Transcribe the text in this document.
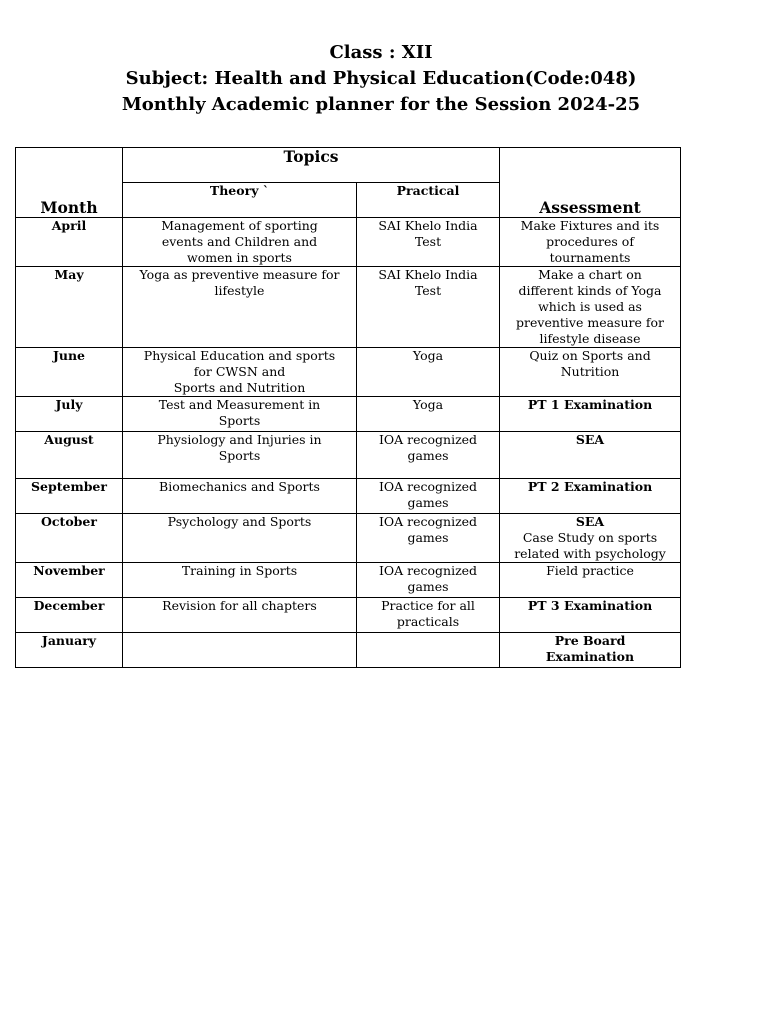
Class : XII
Subject: Health and Physical Education(Code:048)
Monthly Academic planner for the Session 2024-25
Month	Topics		Assessment
	Theory `	Practical	
April	Management of sporting
events and Children and
women in sports	SAI Khelo India
Test	Make Fixtures and its
procedures of
tournaments

May	Yoga as preventive measure for
lifestyle	SAI Khelo India
Test	Make a chart on
different kinds of Yoga
which is used as
preventive measure for
lifestyle disease

June	Physical Education and sports
for CWSN and
Sports and Nutrition	Yoga	Quiz on Sports and
Nutrition

July	Test and Measurement in
Sports	Yoga	PT 1 Examination

August	Physiology and Injuries in
Sports	IOA recognized
games	SEA

September	Biomechanics and Sports	IOA recognized
games	PT 2 Examination

October	Psychology and Sports	IOA recognized
games	SEA
Case Study on sports
related with psychology

November	Training in Sports	IOA recognized
games	Field practice

December	Revision for all chapters	Practice for all
practicals	PT 3 Examination

January			Pre Board
Examination
